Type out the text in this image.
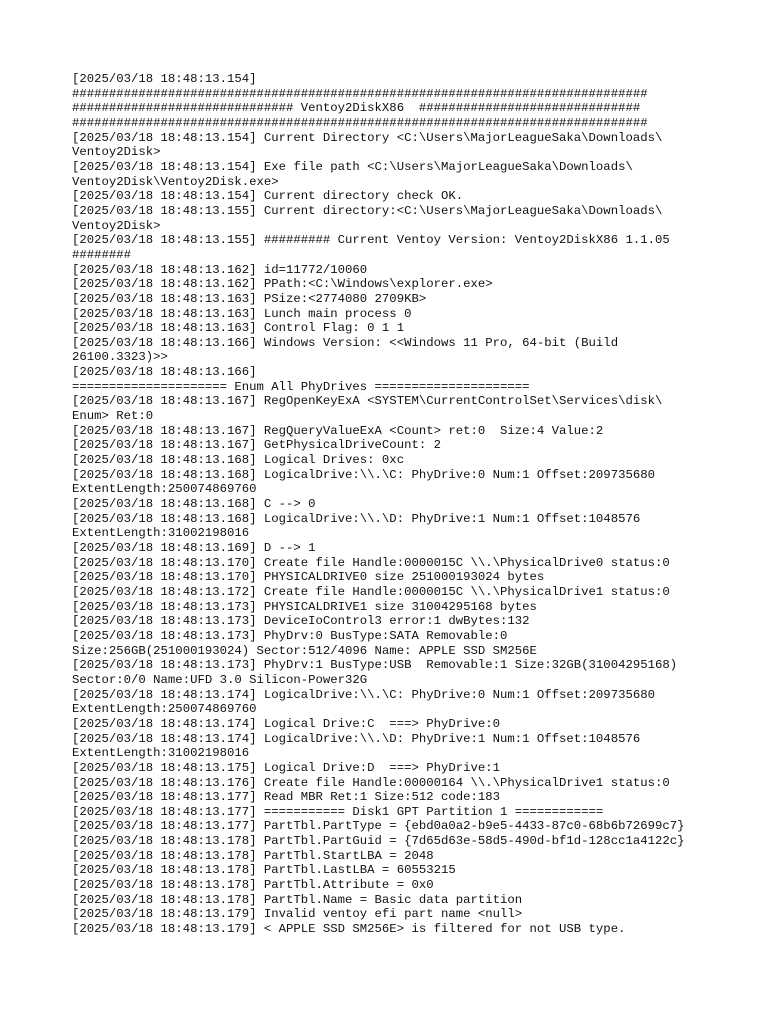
[2025/03/18 18:48:13.154]
##############################################################################
############################## Ventoy2DiskX86  ##############################
##############################################################################
[2025/03/18 18:48:13.154] Current Directory <C:\Users\MajorLeagueSaka\Downloads\
Ventoy2Disk>
[2025/03/18 18:48:13.154] Exe file path <C:\Users\MajorLeagueSaka\Downloads\
Ventoy2Disk\Ventoy2Disk.exe>
[2025/03/18 18:48:13.154] Current directory check OK.
[2025/03/18 18:48:13.155] Current directory:<C:\Users\MajorLeagueSaka\Downloads\
Ventoy2Disk>
[2025/03/18 18:48:13.155] ######### Current Ventoy Version: Ventoy2DiskX86 1.1.05
########
[2025/03/18 18:48:13.162] id=11772/10060
[2025/03/18 18:48:13.162] PPath:<C:\Windows\explorer.exe>
[2025/03/18 18:48:13.163] PSize:<2774080 2709KB>
[2025/03/18 18:48:13.163] Lunch main process 0
[2025/03/18 18:48:13.163] Control Flag: 0 1 1
[2025/03/18 18:48:13.166] Windows Version: <<Windows 11 Pro, 64-bit (Build
26100.3323)>>
[2025/03/18 18:48:13.166]
===================== Enum All PhyDrives =====================
[2025/03/18 18:48:13.167] RegOpenKeyExA <SYSTEM\CurrentControlSet\Services\disk\
Enum> Ret:0
[2025/03/18 18:48:13.167] RegQueryValueExA <Count> ret:0  Size:4 Value:2
[2025/03/18 18:48:13.167] GetPhysicalDriveCount: 2
[2025/03/18 18:48:13.168] Logical Drives: 0xc
[2025/03/18 18:48:13.168] LogicalDrive:\\.\C: PhyDrive:0 Num:1 Offset:209735680
ExtentLength:250074869760
[2025/03/18 18:48:13.168] C --> 0
[2025/03/18 18:48:13.168] LogicalDrive:\\.\D: PhyDrive:1 Num:1 Offset:1048576
ExtentLength:31002198016
[2025/03/18 18:48:13.169] D --> 1
[2025/03/18 18:48:13.170] Create file Handle:0000015C \\.\PhysicalDrive0 status:0
[2025/03/18 18:48:13.170] PHYSICALDRIVE0 size 251000193024 bytes
[2025/03/18 18:48:13.172] Create file Handle:0000015C \\.\PhysicalDrive1 status:0
[2025/03/18 18:48:13.173] PHYSICALDRIVE1 size 31004295168 bytes
[2025/03/18 18:48:13.173] DeviceIoControl3 error:1 dwBytes:132
[2025/03/18 18:48:13.173] PhyDrv:0 BusType:SATA Removable:0
Size:256GB(251000193024) Sector:512/4096 Name: APPLE SSD SM256E
[2025/03/18 18:48:13.173] PhyDrv:1 BusType:USB  Removable:1 Size:32GB(31004295168)
Sector:0/0 Name:UFD 3.0 Silicon-Power32G
[2025/03/18 18:48:13.174] LogicalDrive:\\.\C: PhyDrive:0 Num:1 Offset:209735680
ExtentLength:250074869760
[2025/03/18 18:48:13.174] Logical Drive:C  ===> PhyDrive:0
[2025/03/18 18:48:13.174] LogicalDrive:\\.\D: PhyDrive:1 Num:1 Offset:1048576
ExtentLength:31002198016
[2025/03/18 18:48:13.175] Logical Drive:D  ===> PhyDrive:1
[2025/03/18 18:48:13.176] Create file Handle:00000164 \\.\PhysicalDrive1 status:0
[2025/03/18 18:48:13.177] Read MBR Ret:1 Size:512 code:183
[2025/03/18 18:48:13.177] =========== Disk1 GPT Partition 1 ============
[2025/03/18 18:48:13.177] PartTbl.PartType = {ebd0a0a2-b9e5-4433-87c0-68b6b72699c7}
[2025/03/18 18:48:13.178] PartTbl.PartGuid = {7d65d63e-58d5-490d-bf1d-128cc1a4122c}
[2025/03/18 18:48:13.178] PartTbl.StartLBA = 2048
[2025/03/18 18:48:13.178] PartTbl.LastLBA = 60553215
[2025/03/18 18:48:13.178] PartTbl.Attribute = 0x0
[2025/03/18 18:48:13.178] PartTbl.Name = Basic data partition
[2025/03/18 18:48:13.179] Invalid ventoy efi part name <null>
[2025/03/18 18:48:13.179] < APPLE SSD SM256E> is filtered for not USB type.
